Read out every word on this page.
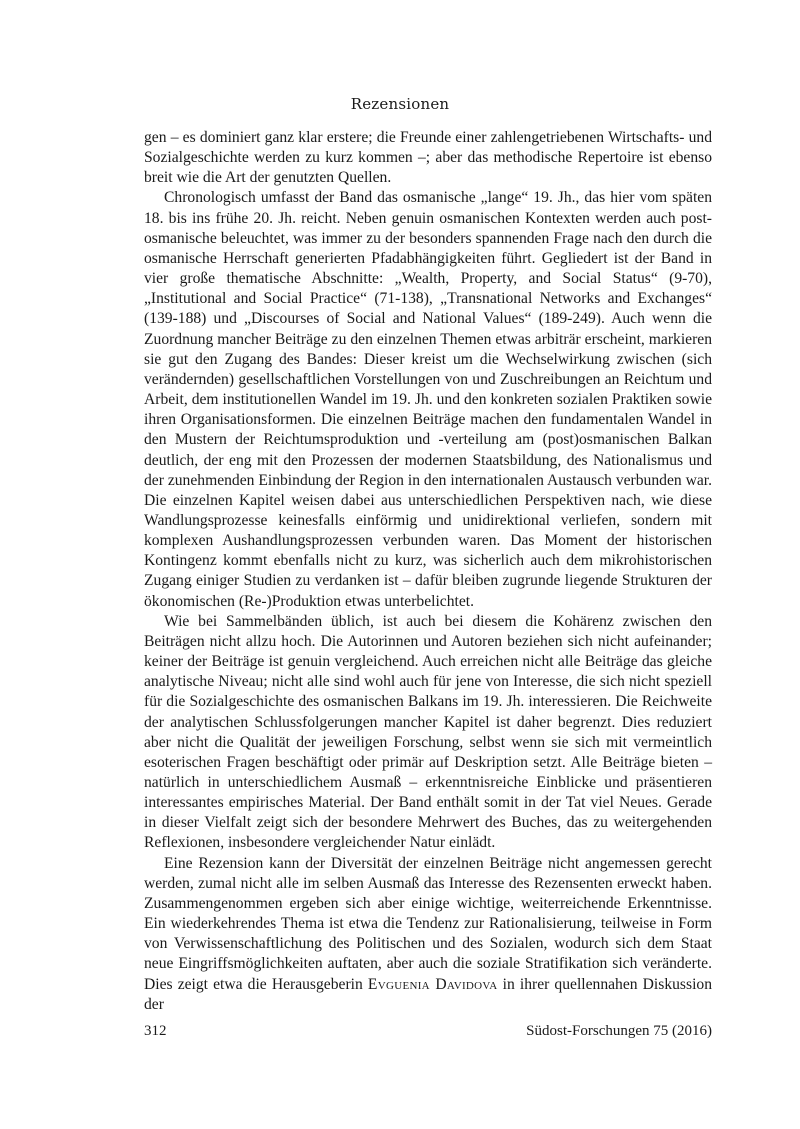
Rezensionen

gen – es dominiert ganz klar erstere; die Freunde einer zahlengetriebenen Wirtschafts- und Sozialgeschichte werden zu kurz kommen –; aber das methodische Repertoire ist ebenso breit wie die Art der genutzten Quellen.

Chronologisch umfasst der Band das osmanische „lange“ 19. Jh., das hier vom späten 18. bis ins frühe 20. Jh. reicht. Neben genuin osmanischen Kontexten werden auch post-osmanische beleuchtet, was immer zu der besonders spannenden Frage nach den durch die osmanische Herrschaft generierten Pfadabhängigkeiten führt. Gegliedert ist der Band in vier große thematische Abschnitte: „Wealth, Property, and Social Status“ (9-70), „Institutional and Social Practice“ (71-138), „Transnational Networks and Exchanges“ (139-188) und „Discourses of Social and National Values“ (189-249). Auch wenn die Zuordnung mancher Beiträge zu den einzelnen Themen etwas arbiträr erscheint, markieren sie gut den Zugang des Bandes: Dieser kreist um die Wechselwirkung zwischen (sich verändernden) gesellschaftlichen Vorstellungen von und Zuschreibungen an Reichtum und Arbeit, dem institutionellen Wandel im 19. Jh. und den konkreten sozialen Praktiken sowie ihren Organisationsformen. Die einzelnen Beiträge machen den fundamentalen Wandel in den Mustern der Reichtumsproduktion und -verteilung am (post)osmanischen Balkan deutlich, der eng mit den Prozessen der modernen Staatsbildung, des Nationalismus und der zunehmenden Einbindung der Region in den internationalen Austausch verbunden war. Die einzelnen Kapitel weisen dabei aus unterschiedlichen Perspektiven nach, wie diese Wandlungsprozesse keinesfalls einförmig und unidirektional verliefen, sondern mit komplexen Aushandlungsprozessen verbunden waren. Das Moment der historischen Kontingenz kommt ebenfalls nicht zu kurz, was sicherlich auch dem mikrohistorischen Zugang einiger Studien zu verdanken ist – dafür bleiben zugrunde liegende Strukturen der ökonomischen (Re-)Produktion etwas unterbelichtet.

Wie bei Sammelbänden üblich, ist auch bei diesem die Kohärenz zwischen den Beiträgen nicht allzu hoch. Die Autorinnen und Autoren beziehen sich nicht aufeinander; keiner der Beiträge ist genuin vergleichend. Auch erreichen nicht alle Beiträge das gleiche analytische Niveau; nicht alle sind wohl auch für jene von Interesse, die sich nicht speziell für die Sozialgeschichte des osmanischen Balkans im 19. Jh. interessieren. Die Reichweite der analytischen Schlussfolgerungen mancher Kapitel ist daher begrenzt. Dies reduziert aber nicht die Qualität der jeweiligen Forschung, selbst wenn sie sich mit vermeintlich esoterischen Fragen beschäftigt oder primär auf Deskription setzt. Alle Beiträge bieten – natürlich in unterschiedlichem Ausmaß – erkenntnisreiche Einblicke und präsentieren interessantes empirisches Material. Der Band enthält somit in der Tat viel Neues. Gerade in dieser Vielfalt zeigt sich der besondere Mehrwert des Buches, das zu weitergehenden Reflexionen, insbesondere vergleichender Natur einlädt.

Eine Rezension kann der Diversität der einzelnen Beiträge nicht angemessen gerecht werden, zumal nicht alle im selben Ausmaß das Interesse des Rezensenten erweckt haben. Zusammengenommen ergeben sich aber einige wichtige, weiterreichende Erkenntnisse. Ein wiederkehrendes Thema ist etwa die Tendenz zur Rationalisierung, teilweise in Form von Verwissenschaftlichung des Politischen und des Sozialen, wodurch sich dem Staat neue Eingriffsmöglichkeiten auftaten, aber auch die soziale Stratifikation sich veränderte. Dies zeigt etwa die Herausgeberin Evguenia Davidova in ihrer quellennahen Diskussion der

312	Südost-Forschungen 75 (2016)
